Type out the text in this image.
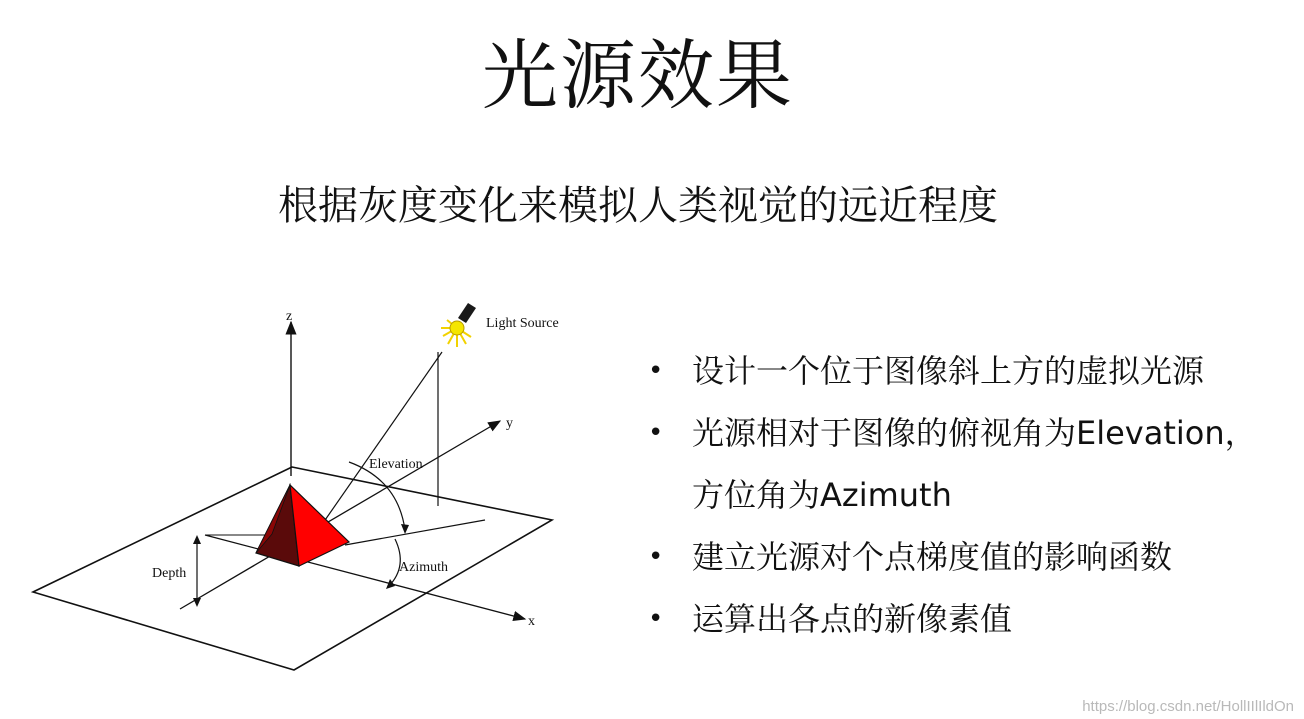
光源效果
根据灰度变化来模拟人类视觉的远近程度
z
y
x
Depth
Elevation
Azimuth
Light Source
• 设计一个位于图像斜上方的虚拟光源
• 光源相对于图像的俯视角为Elevation，
方位角为Azimuth
• 建立光源对个点梯度值的影响函数
• 运算出各点的新像素值
https://blog.csdn.net/HollIIlIldOn
